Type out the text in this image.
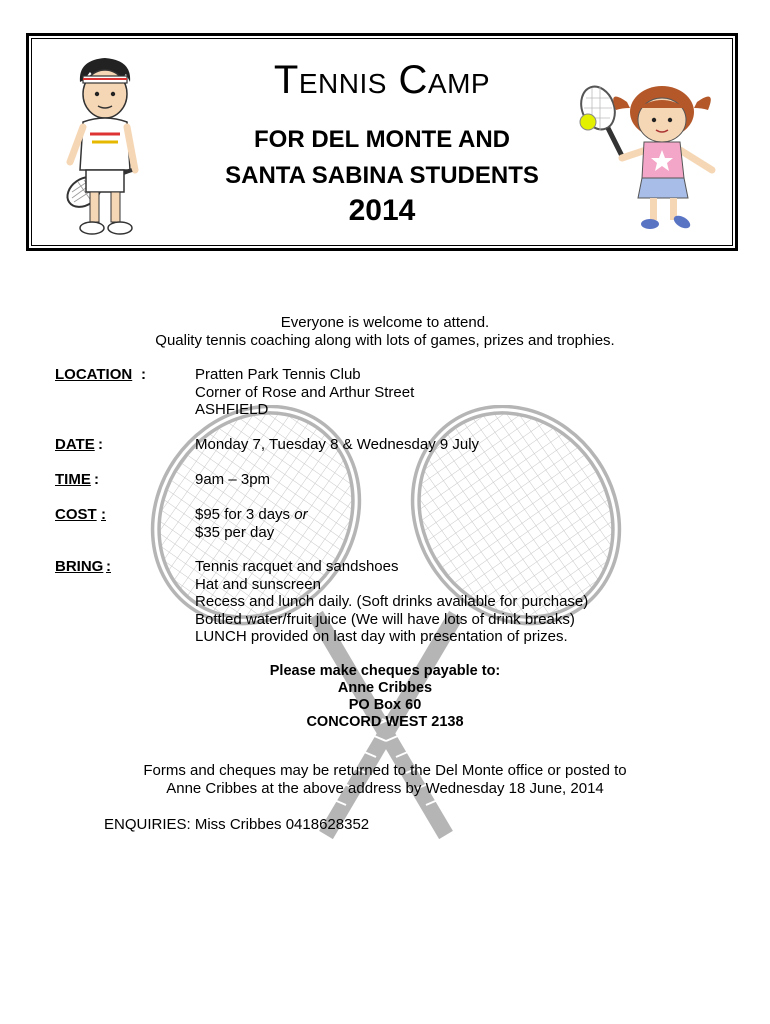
Tennis Camp
FOR DEL MONTE AND
SANTA SABINA STUDENTS
2014
Everyone is welcome to attend.
Quality tennis coaching along with lots of games, prizes and trophies.
LOCATION :	Pratten Park Tennis Club
Corner of Rose and Arthur Street
ASHFIELD
DATE :	Monday 7, Tuesday 8 & Wednesday 9 July
TIME :	9am – 3pm
COST :	$95 for 3 days or
$35 per day
BRING :	Tennis racquet and sandshoes
Hat and sunscreen
Recess and lunch daily. (Soft drinks available for purchase)
Bottled water/fruit juice (We will have lots of drink breaks)
LUNCH provided on last day with presentation of prizes.
Please make cheques payable to:
Anne Cribbes
PO Box 60
CONCORD WEST 2138
Forms and cheques may be returned to the Del Monte office or posted to
Anne Cribbes at the above address by Wednesday 18 June, 2014
ENQUIRIES: Miss Cribbes 0418628352
